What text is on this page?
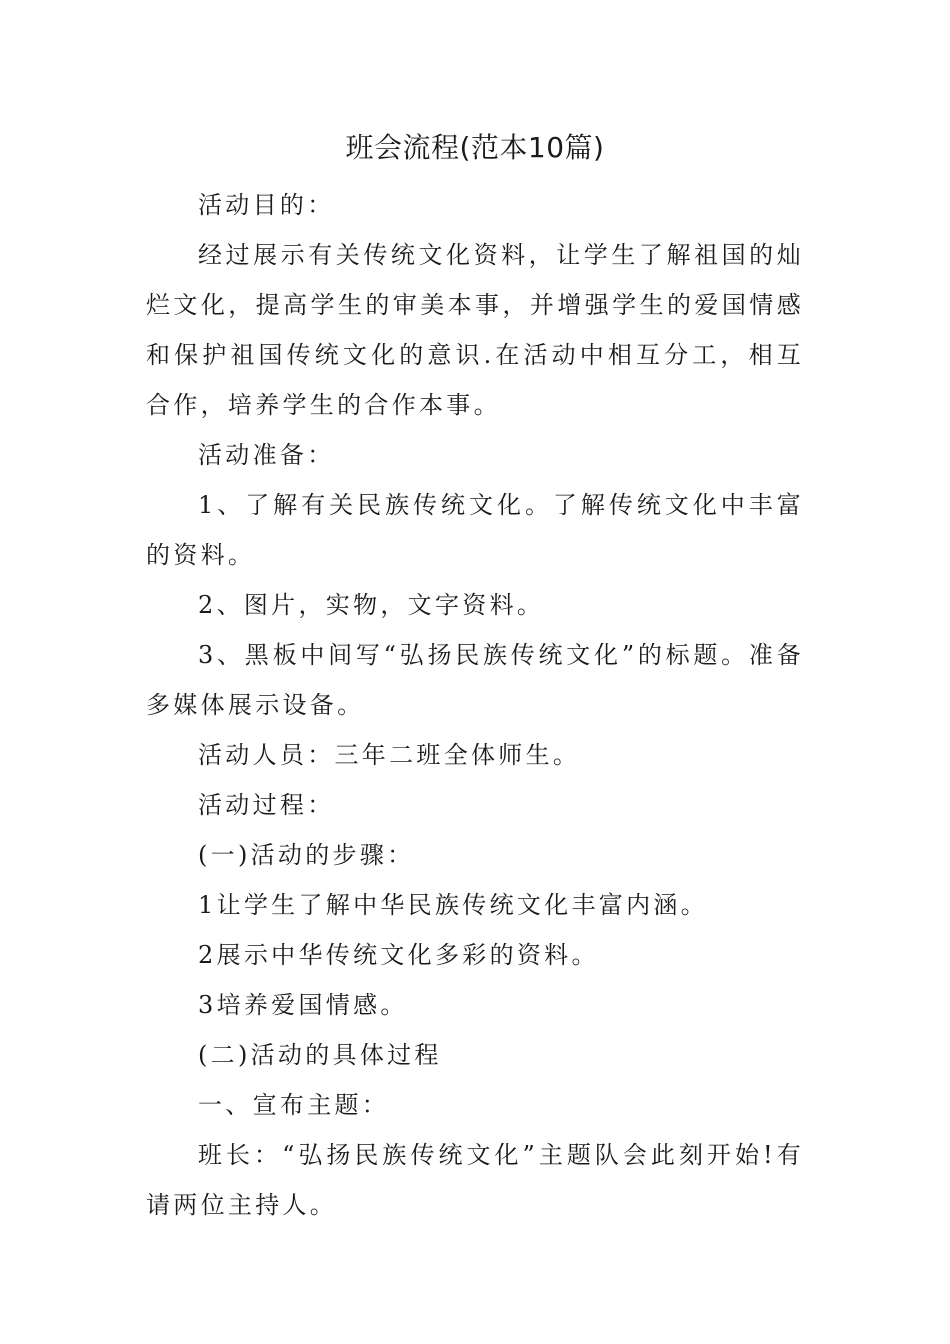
班会流程(范本10篇)

活动目的：

经过展示有关传统文化资料，让学生了解祖国的灿烂文化，提高学生的审美本事，并增强学生的爱国情感和保护祖国传统文化的意识.在活动中相互分工，相互合作，培养学生的合作本事。

活动准备：

1、了解有关民族传统文化。了解传统文化中丰富的资料。

2、图片，实物，文字资料。

3、黑板中间写“弘扬民族传统文化”的标题。准备多媒体展示设备。

活动人员：三年二班全体师生。

活动过程：

(一)活动的步骤：

1让学生了解中华民族传统文化丰富内涵。

2展示中华传统文化多彩的资料。

3培养爱国情感。

(二)活动的具体过程

一、宣布主题：

班长：“弘扬民族传统文化”主题队会此刻开始!有请两位主持人。
